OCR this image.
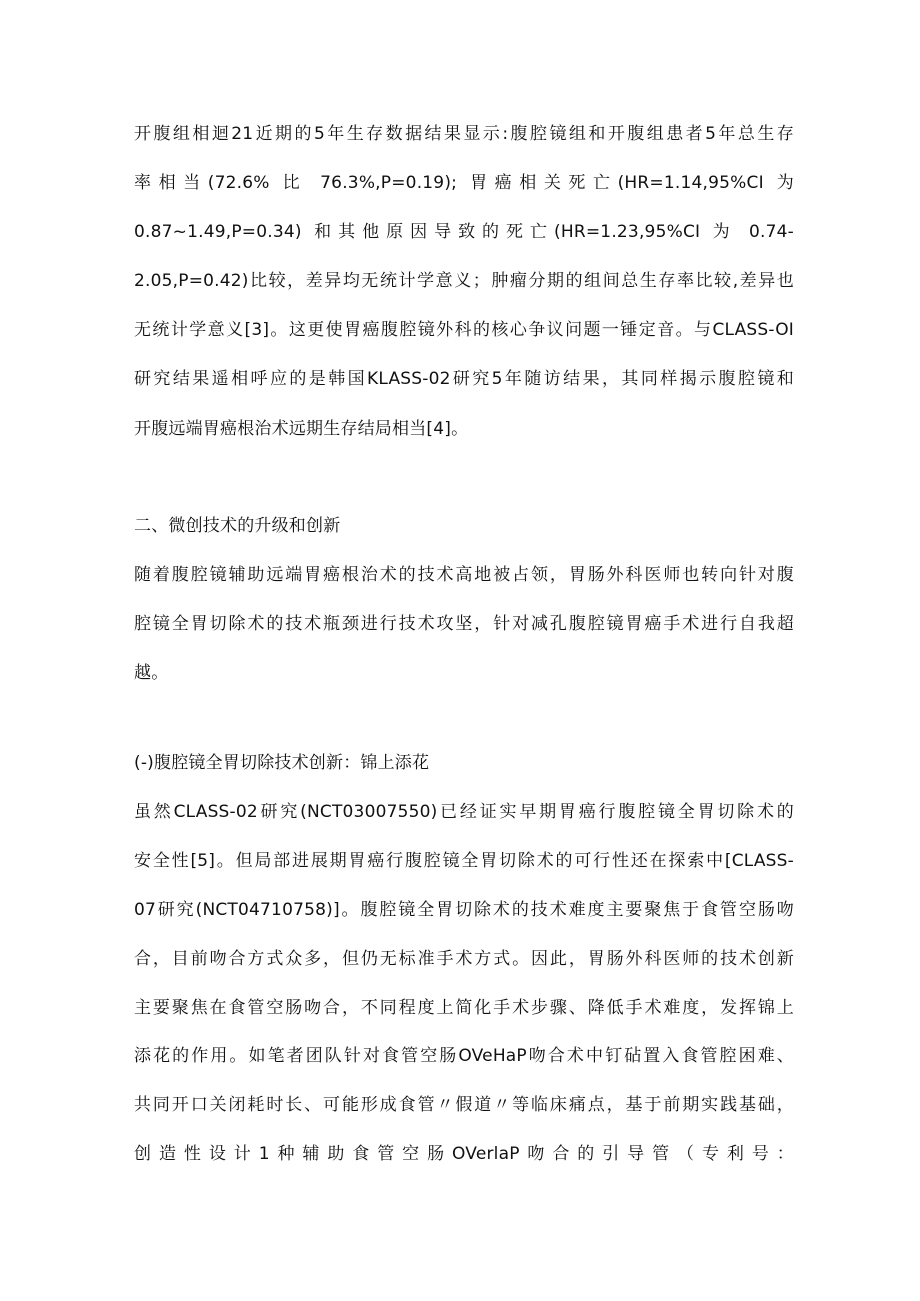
开腹组相迴21近期的5年生存数据结果显示:腹腔镜组和开腹组患者5年总生存
率相当(72.6% 比 76.3%,P=0.19); 胃癌相关死亡(HR=1.14,95%CI 为
0.87~1.49,P=0.34) 和其他原因导致的死亡(HR=1.23,95%CI 为 0.74-
2.05,P=0.42)比较，差异均无统计学意义；肿瘤分期的组间总生存率比较,差异也
无统计学意义[3]。这更使胃癌腹腔镜外科的核心争议问题一锤定音。与CLASS-OI
研究结果遥相呼应的是韩国KLASS-02研究5年随访结果，其同样揭示腹腔镜和
开腹远端胃癌根治术远期生存结局相当[4]。
二、微创技术的升级和创新
随着腹腔镜辅助远端胃癌根治术的技术高地被占领，胃肠外科医师也转向针对腹
腔镜全胃切除术的技术瓶颈进行技术攻坚，针对减孔腹腔镜胃癌手术进行自我超
越。
(-)腹腔镜全胃切除技术创新：锦上添花
虽然CLASS-02研究(NCT03007550)已经证实早期胃癌行腹腔镜全胃切除术的
安全性[5]。但局部进展期胃癌行腹腔镜全胃切除术的可行性还在探索中[CLASS-
07研究(NCT04710758)]。腹腔镜全胃切除术的技术难度主要聚焦于食管空肠吻
合，目前吻合方式众多，但仍无标准手术方式。因此，胃肠外科医师的技术创新
主要聚焦在食管空肠吻合，不同程度上简化手术步骤、降低手术难度，发挥锦上
添花的作用。如笔者团队针对食管空肠OVeHaP吻合术中钉砧置入食管腔困难、
共同开口关闭耗时长、可能形成食管〃假道〃等临床痛点，基于前期实践基础，
创造性设计1种辅助食管空肠OVerlaP吻合的引导管（专利号：
